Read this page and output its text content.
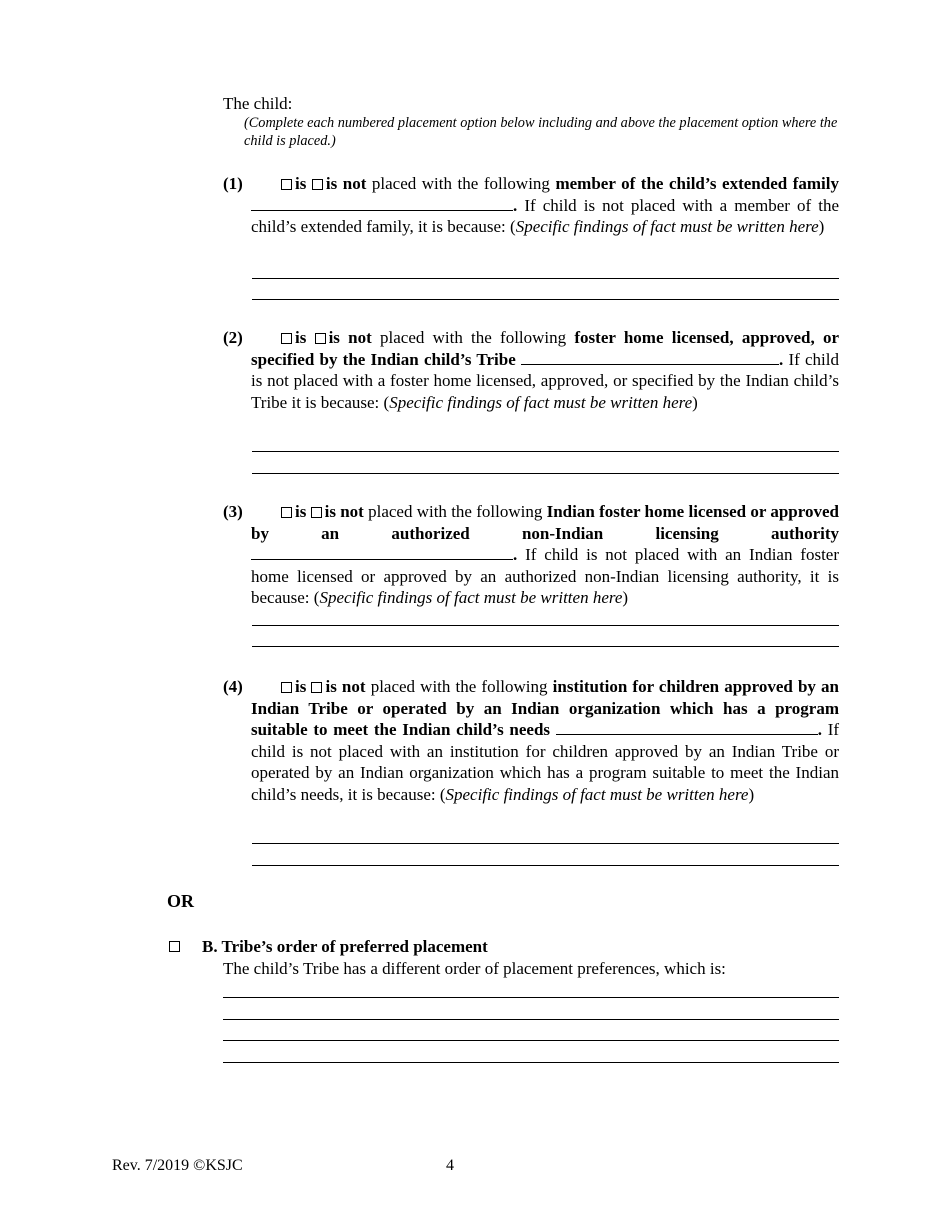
The child:
(Complete each numbered placement option below including and above the placement option where the child is placed.)
(1)	is is not placed with the following member of the child’s extended family . If child is not placed with a member of the child’s extended family, it is because: (Specific findings of fact must be written here)
(2)	is is not placed with the following foster home licensed, approved, or specified by the Indian child’s Tribe	. If child is not placed with a foster home licensed, approved, or specified by the Indian child’s Tribe it is because: (Specific findings of fact must be written here)
(3)	is is not placed with the following Indian foster home licensed or approved by an authorized non-Indian licensing authority . If child is not placed with an Indian foster home licensed or approved by an authorized non-Indian licensing authority, it is because: (Specific findings of fact must be written here)
(4)	is is not placed with the following institution for children approved by an Indian Tribe or operated by an Indian organization which has a program suitable to meet the Indian child’s needs	. If child is not placed with an institution for children approved by an Indian Tribe or operated by an Indian organization which has a program suitable to meet the Indian child’s needs, it is because: (Specific findings of fact must be written here)
OR
B. Tribe’s order of preferred placement
The child’s Tribe has a different order of placement preferences, which is:
Rev. 7/2019 ©KSJC	4
